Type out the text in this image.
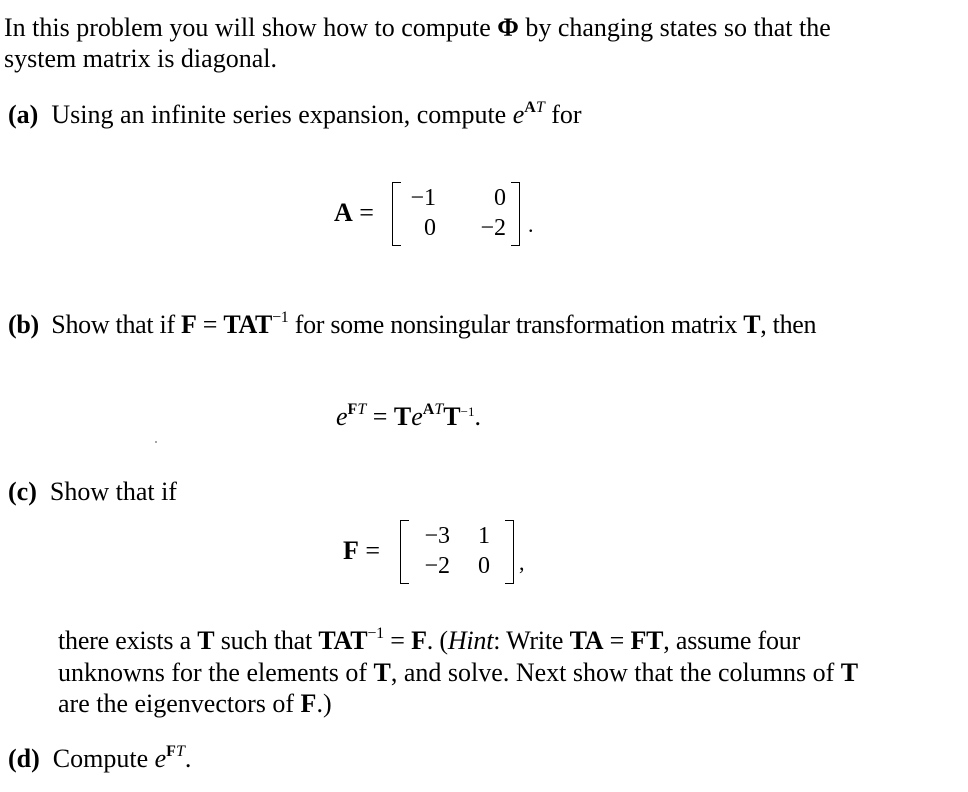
In this problem you will show how to compute Φ by changing states so that the
system matrix is diagonal.
(a) Using an infinite series expansion, compute $e^{AT}$ for
A =	−1	0
0	−2 .
(b) Show that if $F = TAT^{-1}$ for some nonsingular transformation matrix T, then
$e^{FT} = Te^{AT}T^{-1}$.
(c) Show that if
F =	−3	1
−2	0 ,
there exists a T such that $TAT^{-1} = F$. (Hint: Write TA = FT, assume four
unknowns for the elements of T, and solve. Next show that the columns of T
are the eigenvectors of F.)
(d) Compute $e^{FT}$.
